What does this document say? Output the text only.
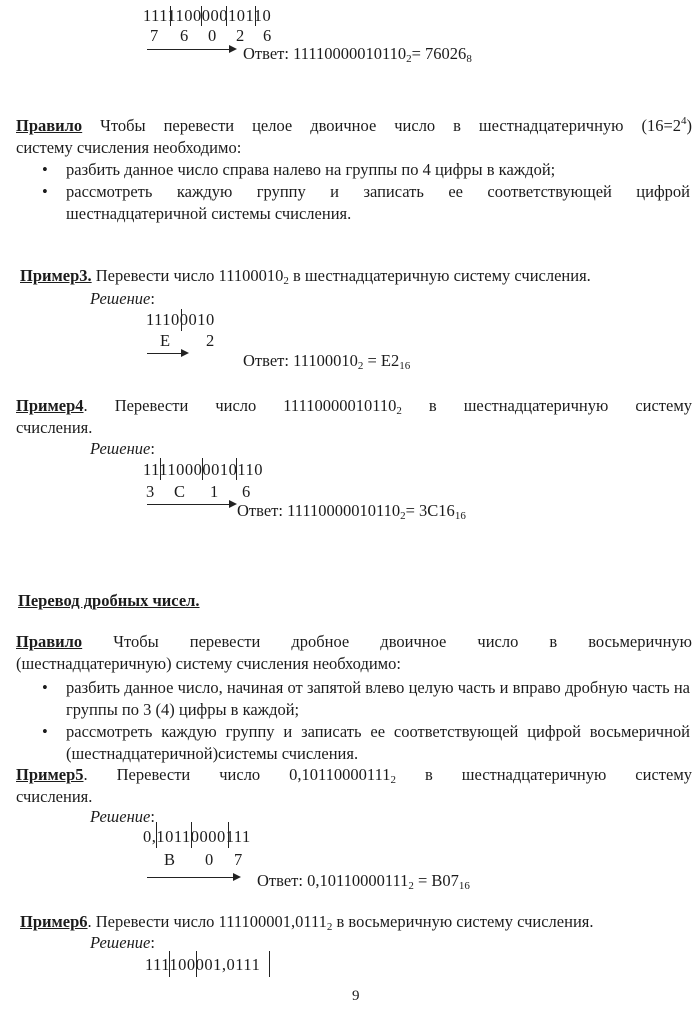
111110000010110
7 6 0 2 6
Ответ: $11110000010110_2= 76026_8$
Правило Чтобы перевести целое двоичное число в шестнадцатеричную $(16=2^4)$
систему счисления необходимо:
•
разбить данное число справа налево на группы по 4 цифры в каждой;
•
рассмотреть каждую группу и записать ее соответствующей цифрой шестнадцатеричной системы счисления.
Пример3. Перевести число $11100010_2$ в шестнадцатеричную систему счисления.
Решение:
11100010
E 2
Ответ: $11100010_2 = E2_{16}$
Пример4. Перевести число $11110000010110_2$ в шестнадцатеричную систему
счисления.
Решение:
11110000010110
3 C 1 6
Ответ: $11110000010110_2= 3C16_{16}$
Перевод дробных чисел.
Правило Чтобы перевести дробное двоичное число в восьмеричную
(шестнадцатеричную) систему счисления необходимо:
•
разбить данное число, начиная от запятой влево целую часть и вправо дробную часть на группы по 3 (4) цифры в каждой;
•
рассмотреть каждую группу и записать ее соответствующей цифрой восьмеричной (шестнадцатеричной)системы счисления.
Пример5. Перевести число $0,10110000111_2$ в шестнадцатеричную систему
счисления.
Решение:
0,10110000111
B 0 7
Ответ: $0,10110000111_2 = B07_{16}$
Пример6. Перевести число $111100001,0111_2$ в восьмеричную систему счисления.
Решение:
111100001,0111
9
